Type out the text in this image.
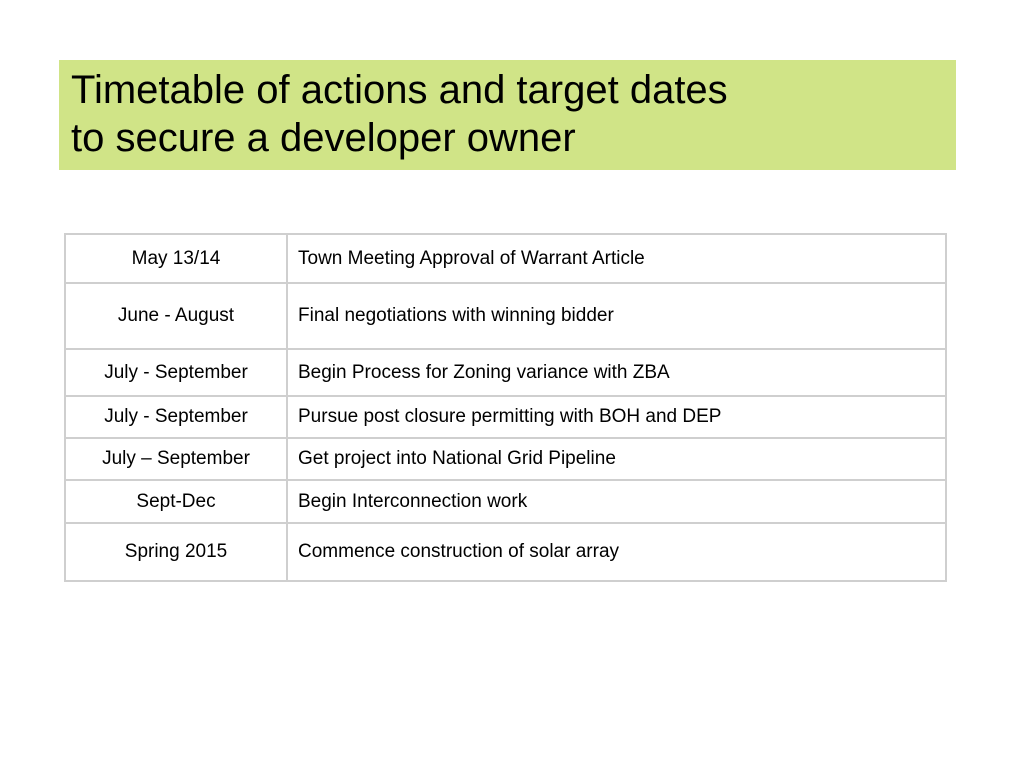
Timetable of actions and target dates
to secure a developer owner
May 13/14	Town Meeting Approval of Warrant Article
June - August	Final negotiations with winning bidder
July - September	Begin Process for Zoning variance with ZBA
July - September	Pursue post closure permitting with BOH and DEP
July – September	Get project into National Grid Pipeline
Sept-Dec	Begin Interconnection work
Spring 2015	Commence construction of solar array
